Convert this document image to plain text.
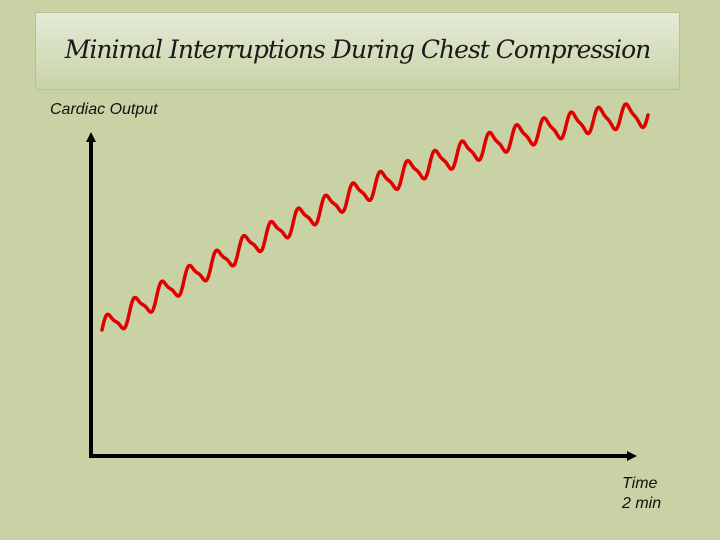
Minimal Interruptions During Chest Compression
Cardiac Output
Time
2 min
